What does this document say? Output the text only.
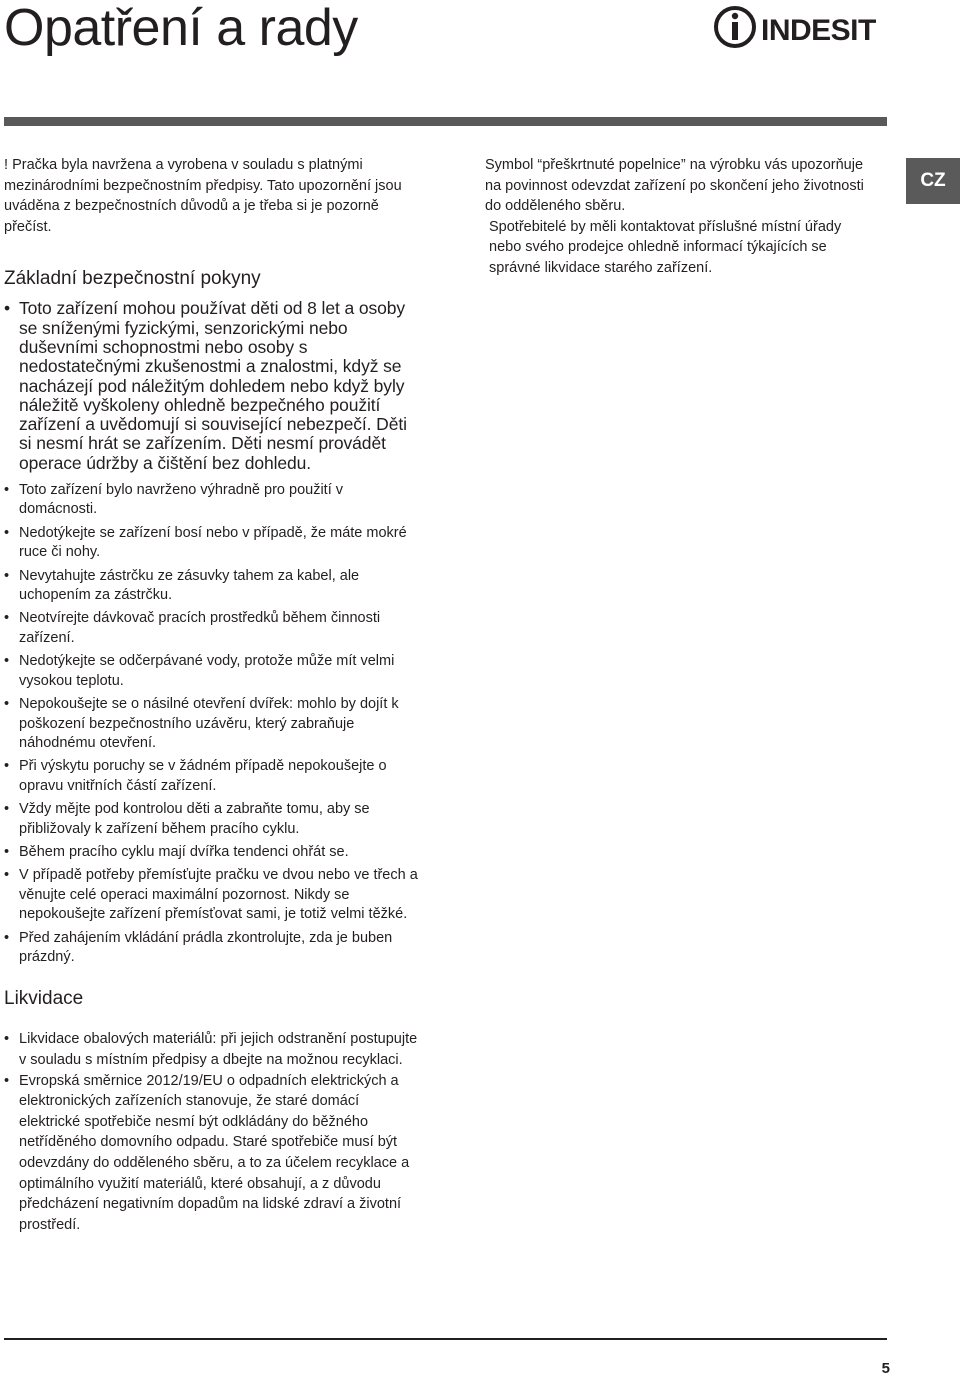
Opatření a rady	INDESIT
CZ

! Pračka byla navržena a vyrobena v souladu s platnými mezinárodními bezpečnostním předpisy. Tato upozornění jsou uváděna z bezpečnostních důvodů a je třeba si je pozorně přečíst.

Základní bezpečnostní pokyny
• Toto zařízení mohou používat děti od 8 let a osoby se sníženými fyzickými, senzorickými nebo duševními schopnostmi nebo osoby s nedostatečnými zkušenostmi a znalostmi, když se nacházejí pod náležitým dohledem nebo když byly náležitě vyškoleny ohledně bezpečného použití zařízení a uvědomují si související nebezpečí. Děti si nesmí hrát se zařízením. Děti nesmí provádět operace údržby a čištění bez dohledu.
• Toto zařízení bylo navrženo výhradně pro použití v domácnosti.
• Nedotýkejte se zařízení bosí nebo v případě, že máte mokré ruce či nohy.
• Nevytahujte zástrčku ze zásuvky tahem za kabel, ale uchopením za zástrčku.
• Neotvírejte dávkovač pracích prostředků během činnosti zařízení.
• Nedotýkejte se odčerpávané vody, protože může mít velmi vysokou teplotu.
• Nepokoušejte se o násilné otevření dvířek: mohlo by dojít k poškození bezpečnostního uzávěru, který zabraňuje náhodnému otevření.
• Při výskytu poruchy se v žádném případě nepokoušejte o opravu vnitřních částí zařízení.
• Vždy mějte pod kontrolou děti a zabraňte tomu, aby se přibližovaly k zařízení během pracího cyklu.
• Během pracího cyklu mají dvířka tendenci ohřát se.
• V případě potřeby přemísťujte pračku ve dvou nebo ve třech a věnujte celé operaci maximální pozornost. Nikdy se nepokoušejte zařízení přemísťovat sami, je totiž velmi těžké.
• Před zahájením vkládání prádla zkontrolujte, zda je buben prázdný.
Likvidace
• Likvidace obalových materiálů: při jejich odstranění postupujte v souladu s místním předpisy a dbejte na možnou recyklaci.
• Evropská směrnice 2012/19/EU o odpadních elektrických a elektronických zařízeních stanovuje, že staré domácí elektrické spotřebiče nesmí být odkládány do běžného netříděného domovního odpadu. Staré spotřebiče musí být odevzdány do odděleného sběru, a to za účelem recyklace a optimálního využití materiálů, které obsahují, a z důvodu předcházení negativním dopadům na lidské zdraví a životní prostředí.

Symbol “přeškrtnuté popelnice” na výrobku vás upozorňuje na povinnost odevzdat zařízení po skončení jeho životnosti do odděleného sběru.

Spotřebitelé by měli kontaktovat příslušné místní úřady nebo svého prodejce ohledně informací týkajících se správné likvidace starého zařízení.

5
